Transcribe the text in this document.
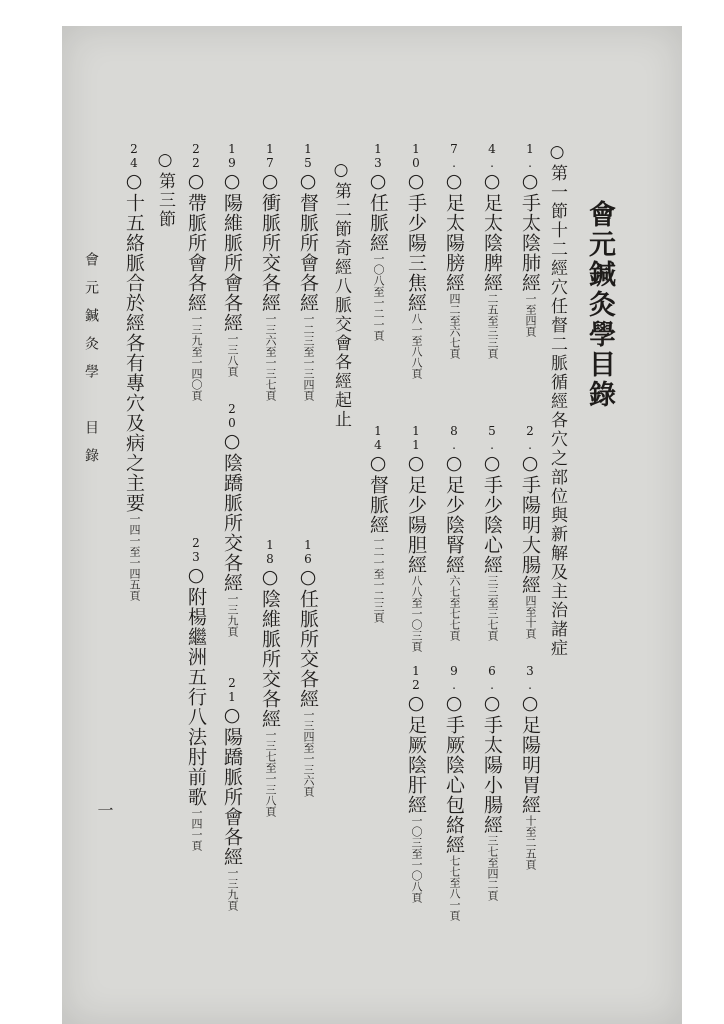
會元鍼灸學目錄
○第一節十二經穴任督二脈循經各穴之部位與新解及主治諸症
1.○手太陰肺經一至四頁
2.○手陽明大腸經四至十頁
3.○足陽明胃經十至二五頁
4.○足太陰脾經二五至三三頁
5.○手少陰心經三三至三七頁
6.○手太陽小腸經三七至四二頁
7.○足太陽膀經四二至六七頁
8.○足少陰腎經六七至七七頁
9.○手厥陰心包絡經七七至八一頁
10○手少陽三焦經八一至八八頁
11○足少陽胆經八八至一〇三頁
12○足厥陰肝經一〇三至一〇八頁
13○任脈經一〇八至一二一頁
14○督脈經一二一至一二三頁
○第二節奇經八脈交會各經起止
15○督脈所會各經一二三至一三四頁
16○任脈所交各經一三四至一三六頁
17○衝脈所交各經一三六至一三七頁
18○陰維脈所交各經一三七至一三八頁
19○陽維脈所會各經一三八頁
20○陰蹻脈所交各經一三九頁
21○陽蹻脈所會各經一三九頁
22○帶脈所會各經一三九至一四〇頁
23○附楊繼洲五行八法肘前歌一四一頁
○第三節
24○十五絡脈合於經各有專穴及病之主要一四一至一四五頁
會元鍼灸學　目錄
一
